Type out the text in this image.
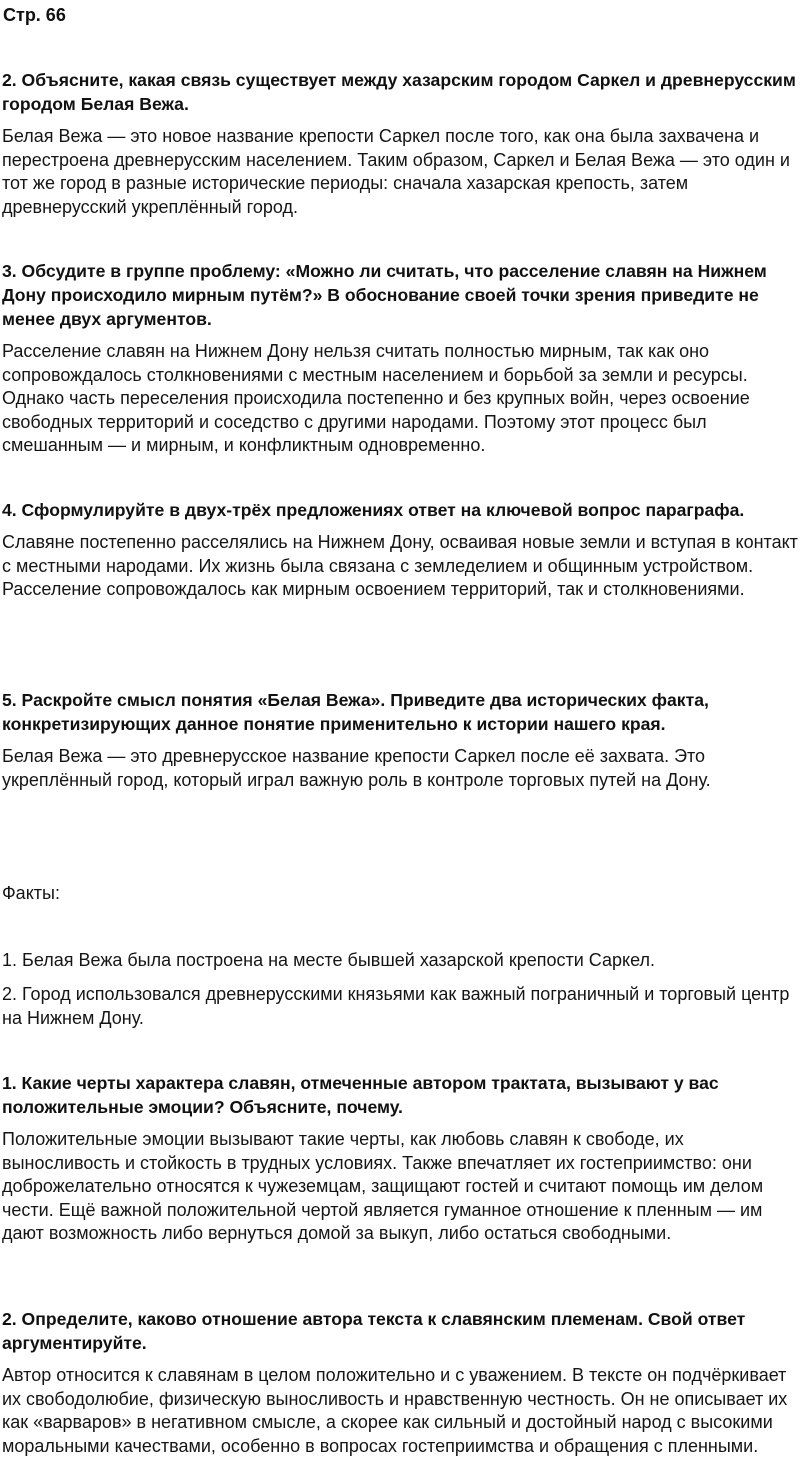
Стр. 66

2. Объясните, какая связь существует между хазарским городом Саркел и древнерусским городом Белая Вежа.

Белая Вежа — это новое название крепости Саркел после того, как она была захвачена и перестроена древнерусским населением. Таким образом, Саркел и Белая Вежа — это один и тот же город в разные исторические периоды: сначала хазарская крепость, затем древнерусский укреплённый город.

3. Обсудите в группе проблему: «Можно ли считать, что расселение славян на Нижнем Дону происходило мирным путём?» В обоснование своей точки зрения приведите не менее двух аргументов.

Расселение славян на Нижнем Дону нельзя считать полностью мирным, так как оно сопровождалось столкновениями с местным населением и борьбой за земли и ресурсы. Однако часть переселения происходила постепенно и без крупных войн, через освоение свободных территорий и соседство с другими народами. Поэтому этот процесс был смешанным — и мирным, и конфликтным одновременно.

4. Сформулируйте в двух-трёх предложениях ответ на ключевой вопрос параграфа.

Славяне постепенно расселялись на Нижнем Дону, осваивая новые земли и вступая в контакт с местными народами. Их жизнь была связана с земледелием и общинным устройством. Расселение сопровождалось как мирным освоением территорий, так и столкновениями.

5. Раскройте смысл понятия «Белая Вежа». Приведите два исторических факта, конкретизирующих данное понятие применительно к истории нашего края.

Белая Вежа — это древнерусское название крепости Саркел после её захвата. Это укреплённый город, который играл важную роль в контроле торговых путей на Дону.

Факты:

1. Белая Вежа была построена на месте бывшей хазарской крепости Саркел.

2. Город использовался древнерусскими князьями как важный пограничный и торговый центр на Нижнем Дону.

1. Какие черты характера славян, отмеченные автором трактата, вызывают у вас положительные эмоции? Объясните, почему.

Положительные эмоции вызывают такие черты, как любовь славян к свободе, их выносливость и стойкость в трудных условиях. Также впечатляет их гостеприимство: они доброжелательно относятся к чужеземцам, защищают гостей и считают помощь им делом чести. Ещё важной положительной чертой является гуманное отношение к пленным — им дают возможность либо вернуться домой за выкуп, либо остаться свободными.

2. Определите, каково отношение автора текста к славянским племенам. Свой ответ аргументируйте.

Автор относится к славянам в целом положительно и с уважением. В тексте он подчёркивает их свободолюбие, физическую выносливость и нравственную честность. Он не описывает их как «варваров» в негативном смысле, а скорее как сильный и достойный народ с высокими моральными качествами, особенно в вопросах гостеприимства и обращения с пленными.
